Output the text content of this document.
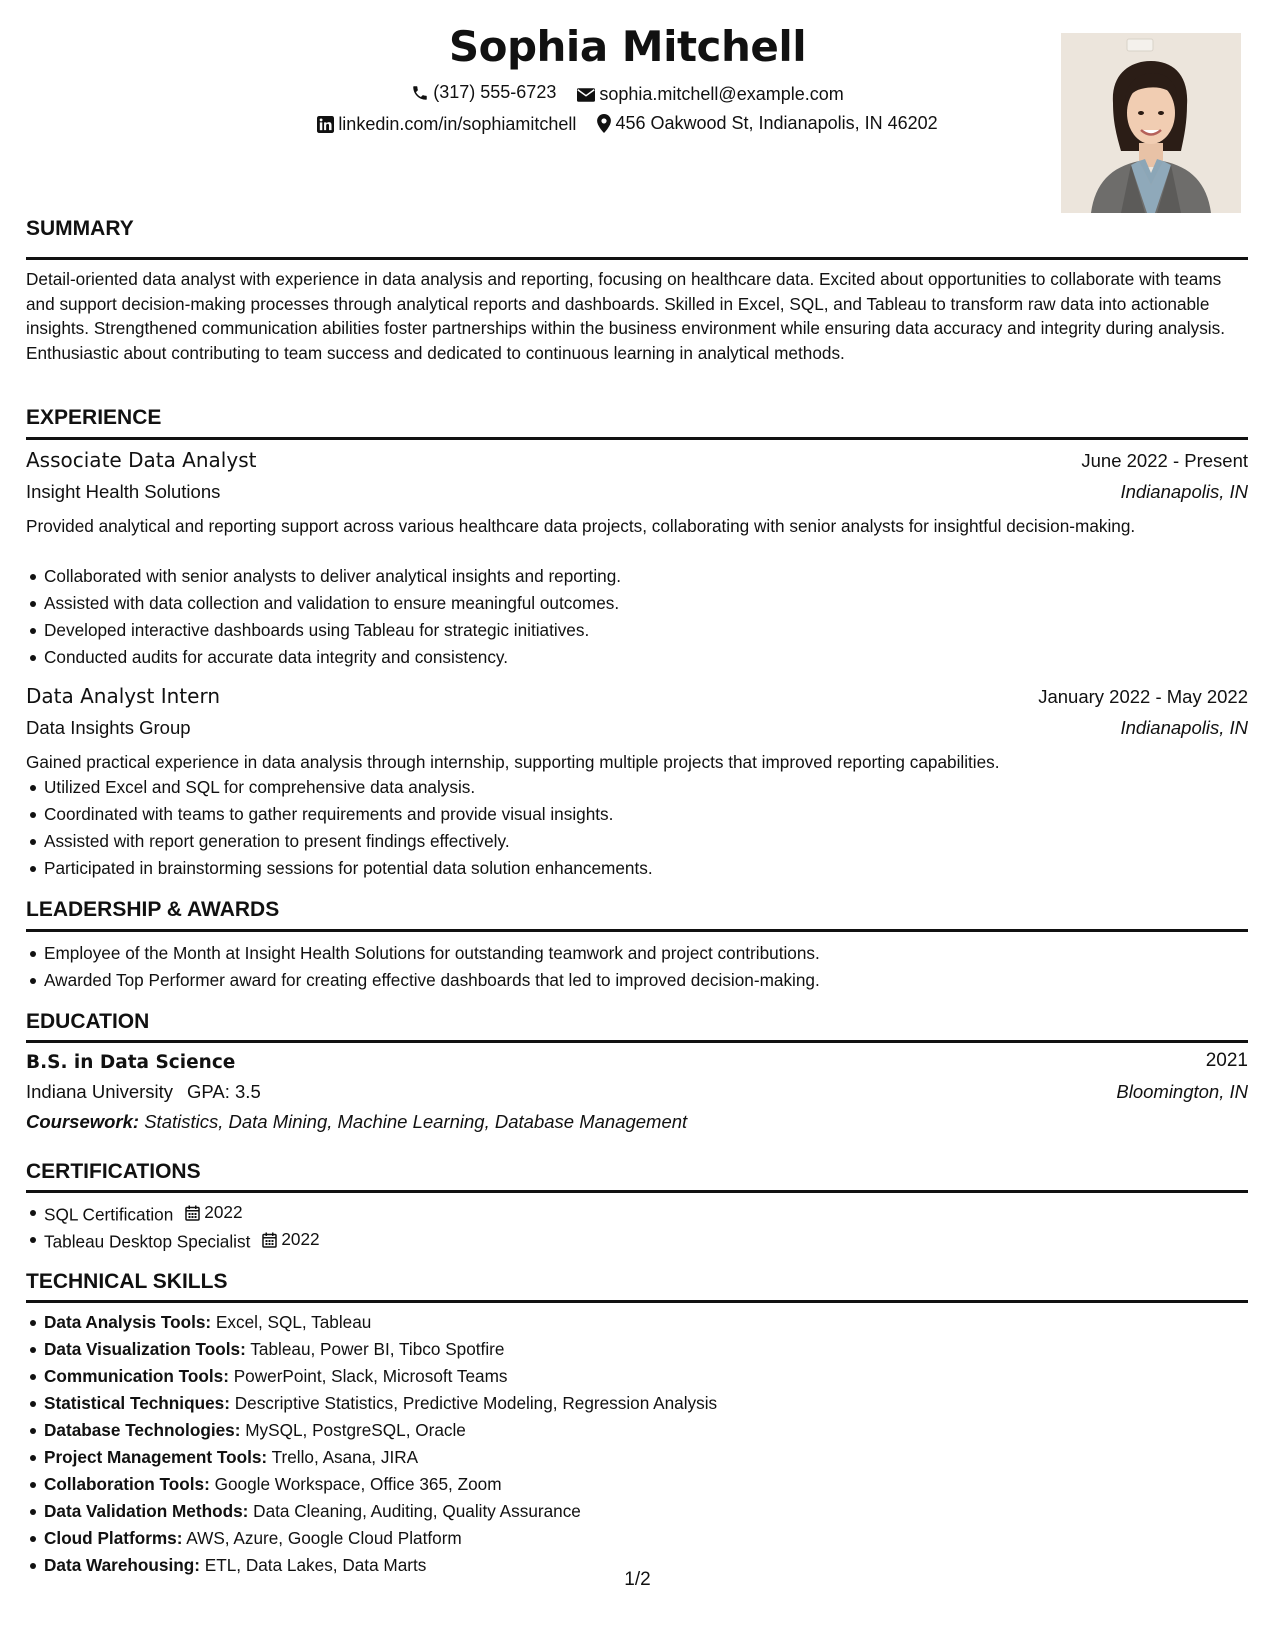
Sophia Mitchell
(317) 555-6723
sophia.mitchell@example.com
linkedin.com/in/sophiamitchell
456 Oakwood St, Indianapolis, IN 46202
SUMMARY
Detail-oriented data analyst with experience in data analysis and reporting, focusing on healthcare data. Excited about opportunities to collaborate with teams and support decision-making processes through analytical reports and dashboards. Skilled in Excel, SQL, and Tableau to transform raw data into actionable insights. Strengthened communication abilities foster partnerships within the business environment while ensuring data accuracy and integrity during analysis. Enthusiastic about contributing to team success and dedicated to continuous learning in analytical methods.
EXPERIENCE
Associate Data Analyst	June 2022 - Present
Insight Health Solutions	Indianapolis, IN
Provided analytical and reporting support across various healthcare data projects, collaborating with senior analysts for insightful decision-making.
Collaborated with senior analysts to deliver analytical insights and reporting.
Assisted with data collection and validation to ensure meaningful outcomes.
Developed interactive dashboards using Tableau for strategic initiatives.
Conducted audits for accurate data integrity and consistency.
Data Analyst Intern	January 2022 - May 2022
Data Insights Group	Indianapolis, IN
Gained practical experience in data analysis through internship, supporting multiple projects that improved reporting capabilities.
Utilized Excel and SQL for comprehensive data analysis.
Coordinated with teams to gather requirements and provide visual insights.
Assisted with report generation to present findings effectively.
Participated in brainstorming sessions for potential data solution enhancements.
LEADERSHIP & AWARDS
Employee of the Month at Insight Health Solutions for outstanding teamwork and project contributions.
Awarded Top Performer award for creating effective dashboards that led to improved decision-making.
EDUCATION
B.S. in Data Science	2021
Indiana University GPA: 3.5	Bloomington, IN
Coursework: Statistics, Data Mining, Machine Learning, Database Management
CERTIFICATIONS
SQL Certification 2022
Tableau Desktop Specialist 2022
TECHNICAL SKILLS
Data Analysis Tools: Excel, SQL, Tableau
Data Visualization Tools: Tableau, Power BI, Tibco Spotfire
Communication Tools: PowerPoint, Slack, Microsoft Teams
Statistical Techniques: Descriptive Statistics, Predictive Modeling, Regression Analysis
Database Technologies: MySQL, PostgreSQL, Oracle
Project Management Tools: Trello, Asana, JIRA
Collaboration Tools: Google Workspace, Office 365, Zoom
Data Validation Methods: Data Cleaning, Auditing, Quality Assurance
Cloud Platforms: AWS, Azure, Google Cloud Platform
Data Warehousing: ETL, Data Lakes, Data Marts
1/2
